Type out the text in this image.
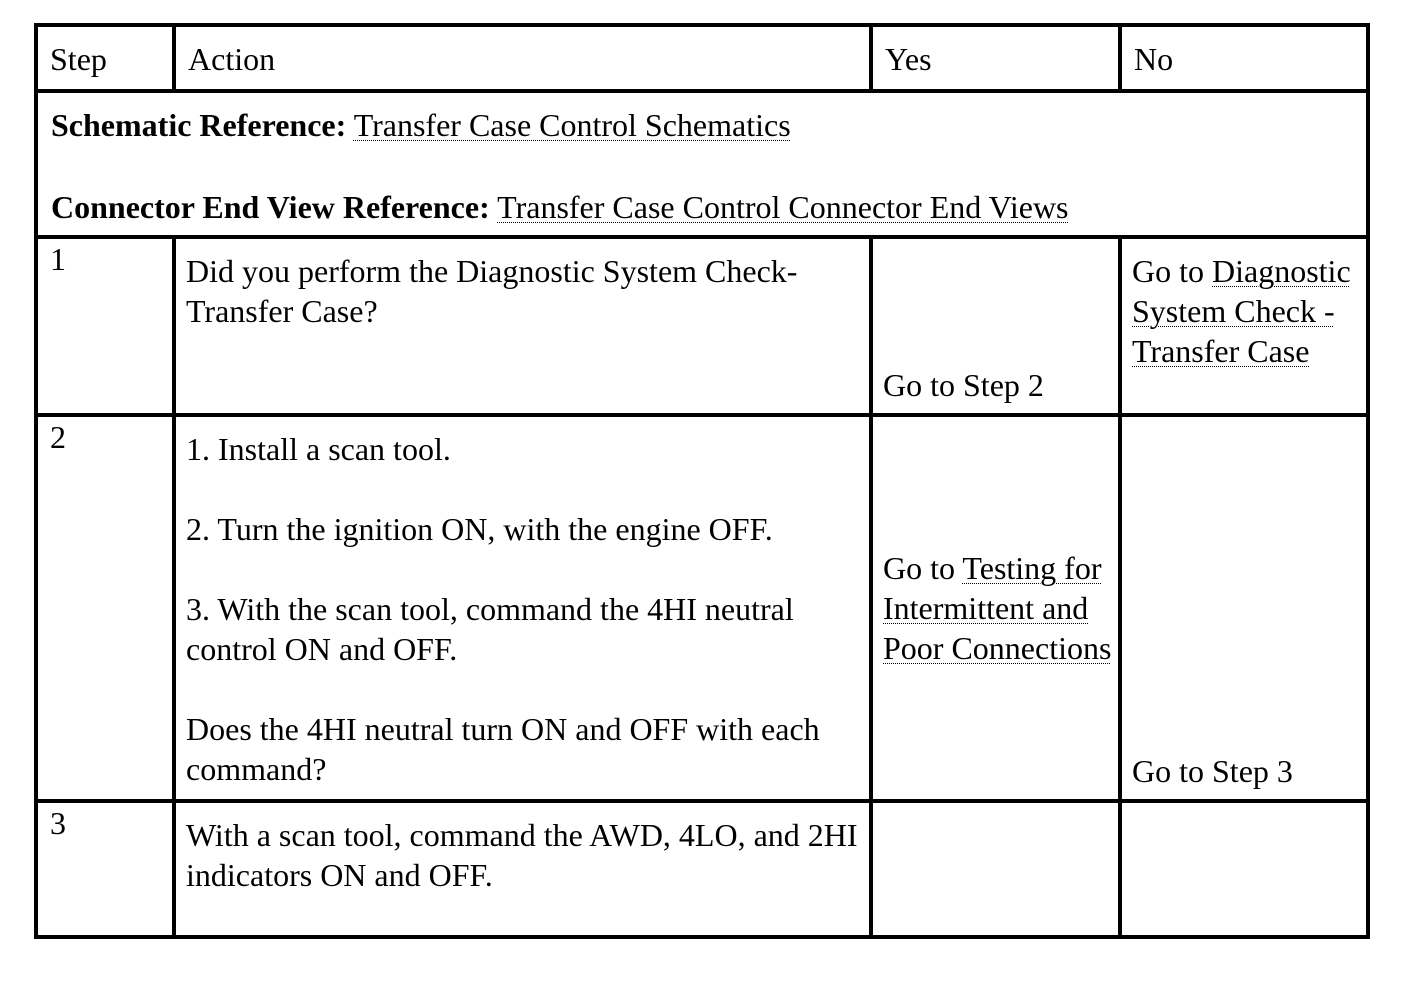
Step	Action	Yes	No

Schematic Reference: Transfer Case Control Schematics
Connector End View Reference: Transfer Case Control Connector End Views			

1	Did you perform the Diagnostic System Check-Transfer Case?	Go to Step 2	Go to Diagnostic System Check - Transfer Case

2	1. Install a scan tool.
2. Turn the ignition ON, with the engine OFF.
3. With the scan tool, command the 4HI neutral control ON and OFF.
Does the 4HI neutral turn ON and OFF with each command?	Go to Testing for Intermittent and Poor Connections	Go to Step 3

3	With a scan tool, command the AWD, 4LO, and 2HI indicators ON and OFF.		
